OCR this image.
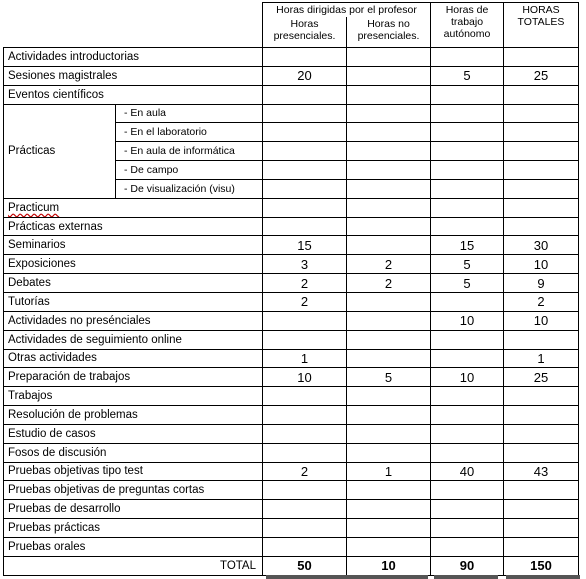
		Horas dirigidas por el profesor		Horas de trabajo autónomo	HORAS TOTALES
		Horas presenciales.	Horas no presenciales.		
Actividades introductorias					
Sesiones magistrales		20		5	25
Eventos científicos					
Prácticas	- En aula				
	- En el laboratorio				
	- En aula de informática				
	- De campo				
	- De visualización (visu)				
Practicum					
Prácticas externas					
Seminarios		15		15	30
Exposiciones		3	2	5	10
Debates		2	2	5	9
Tutorías		2			2
Actividades no presénciales				10	10
Actividades de seguimiento online					
Otras actividades		1			1
Preparación de trabajos		10	5	10	25
Trabajos					
Resolución de problemas					
Estudio de casos					
Fosos de discusión					
Pruebas objetivas tipo test		2	1	40	43
Pruebas objetivas de preguntas cortas					
Pruebas de desarrollo					
Pruebas prácticas					
Pruebas orales					
TOTAL		50	10	90	150
